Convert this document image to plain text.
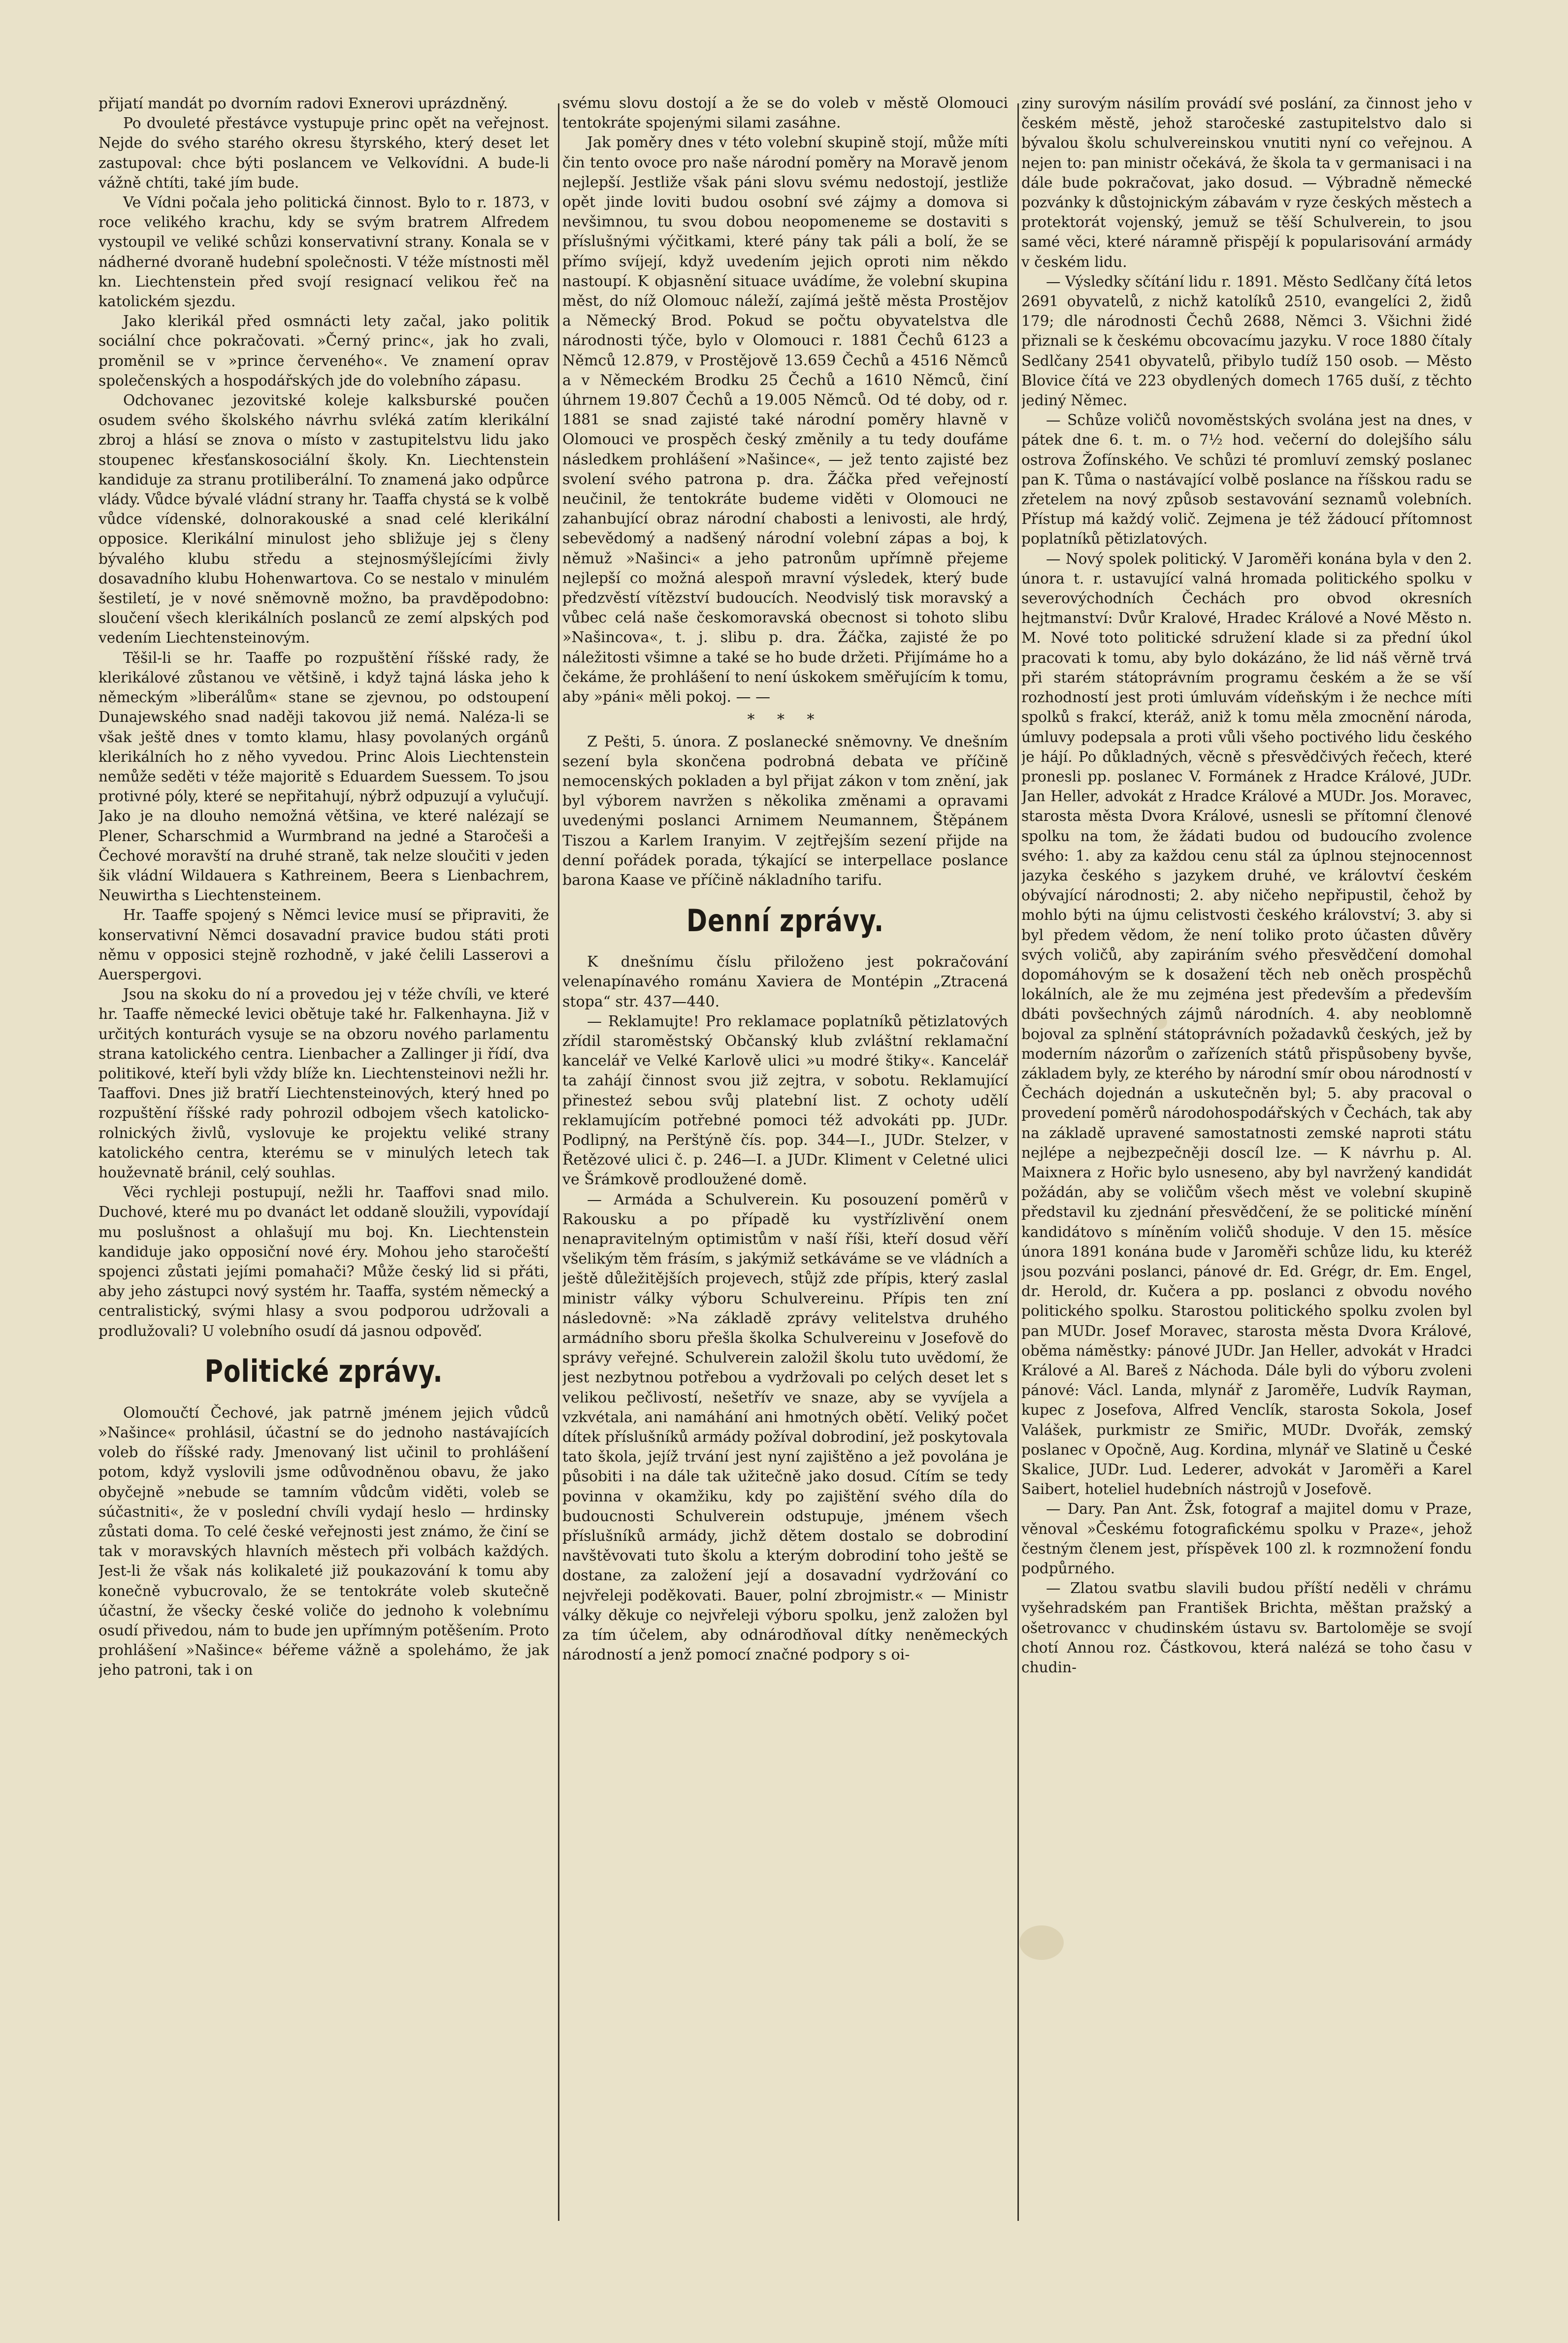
přijatí mandát po dvorním radovi Exnerovi uprázdněný.

Po dvouleté přestávce vystupuje princ opět na veřejnost. Nejde do svého starého okresu štyrského, který deset let zastupoval: chce býti poslancem ve Velkovídni. A bude-li vážně chtíti, také jím bude.

Ve Vídni počala jeho politická činnost. Bylo to r. 1873, v roce velikého krachu, kdy se svým bratrem Alfredem vystoupil ve veliké schůzi konservativní strany. Konala se v nádherné dvoraně hudební společnosti. V téže místnosti měl kn. Liechtenstein před svojí resignací velikou řeč na katolickém sjezdu.

Jako klerikál před osmnácti lety začal, jako politik sociální chce pokračovati. »Černý princ«, jak ho zvali, proměnil se v »prince červeného«. Ve znamení oprav společenských a hospodářských jde do volebního zápasu.

Odchovanec jezovitské koleje kalksburské poučen osudem svého školského návrhu svléká zatím klerikální zbroj a hlásí se znova o místo v zastupitelstvu lidu jako stoupenec křesťanskosociální školy. Kn. Liechtenstein kandiduje za stranu protiliberální. To znamená jako odpůrce vlády. Vůdce bývalé vládní strany hr. Taaffa chystá se k volbě vůdce vídenské, dolnorakouské a snad celé klerikální opposice. Klerikální minulost jeho sbližuje jej s členy bývalého klubu středu a stejnosmýšlejícími živly dosavadního klubu Hohenwartova. Co se nestalo v minulém šestiletí, je v nové sněmovně možno, ba pravděpodobno: sloučení všech klerikálních poslanců ze zemí alpských pod vedením Liechtensteinovým.

Těšil-li se hr. Taaffe po rozpuštění říšské rady, že klerikálové zůstanou ve většině, i když tajná láska jeho k německým »liberálům« stane se zjevnou, po odstoupení Dunajewského snad naději takovou již nemá. Naléza-li se však ještě dnes v tomto klamu, hlasy povolaných orgánů klerikálních ho z něho vyvedou. Princ Alois Liechtenstein nemůže seděti v téže majoritě s Eduardem Suessem. To jsou protivné póly, které se nepřitahují, nýbrž odpuzují a vylučují. Jako je na dlouho nemožná většina, ve které nalézají se Plener, Scharschmid a Wurmbrand na jedné a Staročeši a Čechové moravští na druhé straně, tak nelze sloučiti v jeden šik vládní Wildauera s Kathreinem, Beera s Lienbachrem, Neuwirtha s Liechtensteinem.

Hr. Taaffe spojený s Němci levice musí se připraviti, že konservativní Němci dosavadní pravice budou státi proti němu v opposici stejně rozhodně, v jaké čelili Lasserovi a Auerspergovi.

Jsou na skoku do ní a provedou jej v téže chvíli, ve které hr. Taaffe německé levici obětuje také hr. Falkenhayna. Již v určitých konturách vysuje se na obzoru nového parlamentu strana katolického centra. Lienbacher a Zallinger ji řídí, dva politikové, kteří byli vždy blíže kn. Liechtensteinovi nežli hr. Taaffovi. Dnes již bratří Liechtensteinových, který hned po rozpuštění říšské rady pohrozil odbojem všech katolicko-rolnických živlů, vyslovuje ke projektu veliké strany katolického centra, kterému se v minulých letech tak houževnatě bránil, celý souhlas.

Věci rychleji postupují, nežli hr. Taaffovi snad milo. Duchové, které mu po dvanáct let oddaně sloužili, vypovídají mu poslušnost a ohlašují mu boj. Kn. Liechtenstein kandiduje jako opposiční nové éry. Mohou jeho staročeští spojenci zůstati jejími pomahači? Může český lid si přáti, aby jeho zástupci nový systém hr. Taaffa, systém německý a centralistický, svými hlasy a svou podporou udržovali a prodlužovali? U volebního osudí dá jasnou odpověď.

Politické zprávy.

Olomoučtí Čechové, jak patrně jménem jejich vůdců »Našince« prohlásil, účastní se do jednoho nastávajících voleb do říšské rady. Jmenovaný list učinil to prohlášení potom, když vyslovili jsme odůvodněnou obavu, že jako obyčejně »nebude se tamním vůdcům viděti, voleb se súčastniti«, že v poslední chvíli vydají heslo — hrdinsky zůstati doma. To celé české veřejnosti jest známo, že činí se tak v moravských hlavních městech při volbách každých. Jest-li že však nás kolikaleté již poukazování k tomu aby konečně vybucrovalo, že se tentokráte voleb skutečně účastní, že všecky české voliče do jednoho k volebnímu osudí přivedou, nám to bude jen upřímným potěšením. Proto prohlášení »Našince« béřeme vážně a spolehámo, že jak jeho patroni, tak i on

svému slovu dostojí a že se do voleb v městě Olomouci tentokráte spojenými silami zasáhne.

Jak poměry dnes v této volební skupině stojí, může míti čin tento ovoce pro naše národní poměry na Moravě jenom nejlepší. Jestliže však páni slovu svému nedostojí, jestliže opět jinde loviti budou osobní své zájmy a domova si nevšimnou, tu svou dobou neopomeneme se dostaviti s příslušnými výčitkami, které pány tak páli a bolí, že se přímo svíjejí, když uvedením jejich oproti nim někdo nastoupí. K objasnění situace uvádíme, že volební skupina měst, do níž Olomouc náleží, zajímá ještě města Prostějov a Německý Brod. Pokud se počtu obyvatelstva dle národnosti týče, bylo v Olomouci r. 1881 Čechů 6123 a Němců 12.879, v Prostějově 13.659 Čechů a 4516 Němců a v Německém Brodku 25 Čechů a 1610 Němců, činí úhrnem 19.807 Čechů a 19.005 Němců. Od té doby, od r. 1881 se snad zajisté také národní poměry hlavně v Olomouci ve prospěch český změnily a tu tedy doufáme následkem prohlášení »Našince«, — jež tento zajisté bez svolení svého patrona p. dra. Žáčka před veřejností neučinil, že tentokráte budeme viděti v Olomouci ne zahanbující obraz národní chabosti a lenivosti, ale hrdý, sebevědomý a nadšený národní volební zápas a boj, k němuž »Našinci« a jeho patronům upřímně přejeme nejlepší co možná alespoň mravní výsledek, který bude předzvěstí vítězství budoucích. Neodvislý tisk moravský a vůbec celá naše českomoravská obecnost si tohoto slibu »Našincova«, t. j. slibu p. dra. Žáčka, zajisté že po náležitosti všimne a také se ho bude držeti. Přijímáme ho a čekáme, že prohlášení to není úskokem směřujícím k tomu, aby »páni« měli pokoj. — —

* * *

Z Pešti, 5. února. Z poslanecké sněmovny. Ve dnešním sezení byla skončena podrobná debata ve příčině nemocenských pokladen a byl přijat zákon v tom znění, jak byl výborem navržen s několika změnami a opravami uvedenými poslanci Arnimem Neumannem, Štěpánem Tiszou a Karlem Iranyim. V zejtřejším sezení přijde na denní pořádek porada, týkající se interpellace poslance barona Kaase ve příčině nákladního tarifu.

Denní zprávy.

K dnešnímu číslu přiloženo jest pokračování velenapínavého románu Xaviera de Montépin „Ztracená stopa“ str. 437—440.

— Reklamujte! Pro reklamace poplatníků pětizlatových zřídil staroměstský Občanský klub zvláštní reklamační kancelář ve Velké Karlově ulici »u modré štiky«. Kancelář ta zahájí činnost svou již zejtra, v sobotu. Reklamující přinesteź sebou svůj platební list. Z ochoty udělí reklamujícím potřebné pomoci též advokáti pp. JUDr. Podlipný, na Perštýně čís. pop. 344—I., JUDr. Stelzer, v Řetězové ulici č. p. 246—I. a JUDr. Kliment v Celetné ulici ve Šrámkově prodloužené domě.

— Armáda a Schulverein. Ku posouzení poměrů v Rakousku a po případě ku vystřízlivění onem nenapravitelným optimistům v naší říši, kteří dosud věří všelikým těm frásím, s jakýmiž setkáváme se ve vládních a ještě důležitějších projevech, stůjž zde přípis, který zaslal ministr války výboru Schulvereinu. Přípis ten zní následovně: »Na základě zprávy velitelstva druhého armádního sboru přešla školka Schulvereinu v Josefově do správy veřejné. Schulverein založil školu tuto uvědomí, že jest nezbytnou potřebou a vydržovali po celých deset let s velikou pečlivostí, nešetřív ve snaze, aby se vyvíjela a vzkvétala, ani namáhání ani hmotných obětí. Veliký počet dítek příslušníků armády požíval dobrodiní, jež poskytovala tato škola, jejíž trvání jest nyní zajištěno a jež povolána je působiti i na dále tak užitečně jako dosud. Cítím se tedy povinna v okamžiku, kdy po zajištění svého díla do budoucnosti Schulverein odstupuje, jménem všech příslušníků armády, jichž dětem dostalo se dobrodiní navštěvovati tuto školu a kterým dobrodiní toho ještě se dostane, za založení její a dosavadní vydržování co nejvřeleji poděkovati. Bauer, polní zbrojmistr.« — Ministr války děkuje co nejvřeleji výboru spolku, jenž založen byl za tím účelem, aby odnárodňoval dítky neněmeckých národností a jenž pomocí značné podpory s oi-

ziny surovým násilím provádí své poslání, za činnost jeho v českém městě, jehož staročeské zastupitelstvo dalo si bývalou školu schulvereinskou vnutiti nyní co veřejnou. A nejen to: pan ministr očekává, že škola ta v germanisaci i na dále bude pokračovat, jako dosud. — Výbradně německé pozvánky k důstojnickým zábavám v ryze českých městech a protektorát vojenský, jemuž se těší Schulverein, to jsou samé věci, které náramně přispějí k popularisování armády v českém lidu.

— Výsledky sčítání lidu r. 1891. Město Sedlčany čítá letos 2691 obyvatelů, z nichž katolíků 2510, evangelíci 2, židů 179; dle národnosti Čechů 2688, Němci 3. Všichni židé přiznali se k českému obcovacímu jazyku. V roce 1880 čítaly Sedlčany 2541 obyvatelů, přibylo tudíž 150 osob. — Město Blovice čítá ve 223 obydlených domech 1765 duší, z těchto jediný Němec.

— Schůze voličů novoměstských svolána jest na dnes, v pátek dne 6. t. m. o 7½ hod. večerní do dolejšího sálu ostrova Žofínského. Ve schůzi té promluví zemský poslanec pan K. Tůma o nastávající volbě poslance na říšskou radu se zřetelem na nový způsob sestavování seznamů volebních. Přístup má každý volič. Zejmena je též žádoucí přítomnost poplatníků pětizlatových.

— Nový spolek politický. V Jaroměři konána byla v den 2. února t. r. ustavující valná hromada politického spolku v severovýchodních Čechách pro obvod okresních hejtmanství: Dvůr Kralové, Hradec Králové a Nové Město n. M. Nové toto politické sdružení klade si za přední úkol pracovati k tomu, aby bylo dokázáno, že lid náš věrně trvá při starém státoprávním programu českém a že se vší rozhodností jest proti úmluvám vídeňským i že nechce míti spolků s frakcí, kteráž, aniž k tomu měla zmocnění národa, úmluvy podepsala a proti vůli všeho poctivého lidu českého je hájí. Po důkladných, věcně s přesvědčivých řečech, které pronesli pp. poslanec V. Formánek z Hradce Králové, JUDr. Jan Heller, advokát z Hradce Králové a MUDr. Jos. Moravec, starosta města Dvora Králové, usnesli se přítomní členové spolku na tom, že žádati budou od budoucího zvolence svého: 1. aby za každou cenu stál za úplnou stejnocennost jazyka českého s jazykem druhé, ve královtví českém obývající národnosti; 2. aby ničeho nepřipustil, čehož by mohlo býti na újmu celistvosti českého království; 3. aby si byl předem vědom, že není toliko proto účasten důvěry svých voličů, aby zapiráním svého přesvědčení domohal dopomáhovým se k dosažení těch neb oněch prospěchů lokálních, ale že mu zejména jest především a především dbáti povšechných zájmů národních. 4. aby neoblomně bojoval za splnění státoprávních požadavků českých, jež by moderním názorům o zařízeních států přispůsobeny byvše, základem byly, ze kterého by národní smír obou národností v Čechách dojednán a uskutečněn byl; 5. aby pracoval o provedení poměrů národohospodářských v Čechách, tak aby na základě upravené samostatnosti zemské naproti státu nejlépe a nejbezpečněji doscíl lze. — K návrhu p. Al. Maixnera z Hořic bylo usneseno, aby byl navržený kandidát požádán, aby se voličům všech měst ve volební skupině představil ku zjednání přesvědčení, že se politické mínění kandidátovo s míněním voličů shoduje. V den 15. měsíce února 1891 konána bude v Jaroměři schůze lidu, ku kteréž jsou pozváni poslanci, pánové dr. Ed. Grégr, dr. Em. Engel, dr. Herold, dr. Kučera a pp. poslanci z obvodu nového politického spolku. Starostou politického spolku zvolen byl pan MUDr. Josef Moravec, starosta města Dvora Králové, oběma náměstky: pánové JUDr. Jan Heller, advokát v Hradci Králové a Al. Bareš z Náchoda. Dále byli do výboru zvoleni pánové: Václ. Landa, mlynář z Jaroměře, Ludvík Rayman, kupec z Josefova, Alfred Venclík, starosta Sokola, Josef Valášek, purkmistr ze Smiřic, MUDr. Dvořák, zemský poslanec v Opočně, Aug. Kordina, mlynář ve Slatině u České Skalice, JUDr. Lud. Lederer, advokát v Jaroměři a Karel Saibert, hoteliel hudebních nástrojů v Josefově.

— Dary. Pan Ant. Žsk, fotograf a majitel domu v Praze, věnoval »Českému fotografickému spolku v Praze«, jehož čestným členem jest, příspěvek 100 zl. k rozmnožení fondu podpůrného.

— Zlatou svatbu slavili budou příští neděli v chrámu vyšehradském pan František Brichta, měštan pražský a ošetrovancc v chudinském ústavu sv. Bartoloměje se svojí chotí Annou roz. Částkovou, která nalézá se toho času v chudin-
